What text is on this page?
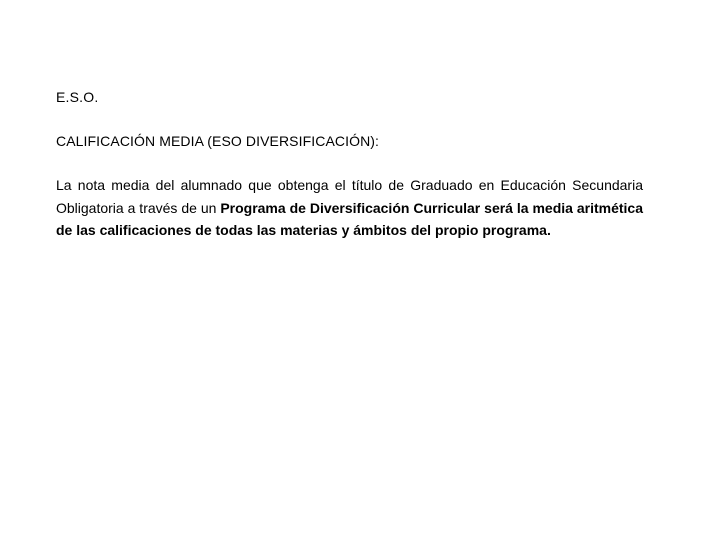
E.S.O.

CALIFICACIÓN MEDIA (ESO DIVERSIFICACIÓN):

La nota media del alumnado que obtenga el título de Graduado en Educación Secundaria Obligatoria a través de un Programa de Diversificación Curricular será la media aritmética de las calificaciones de todas las materias y ámbitos del propio programa.
